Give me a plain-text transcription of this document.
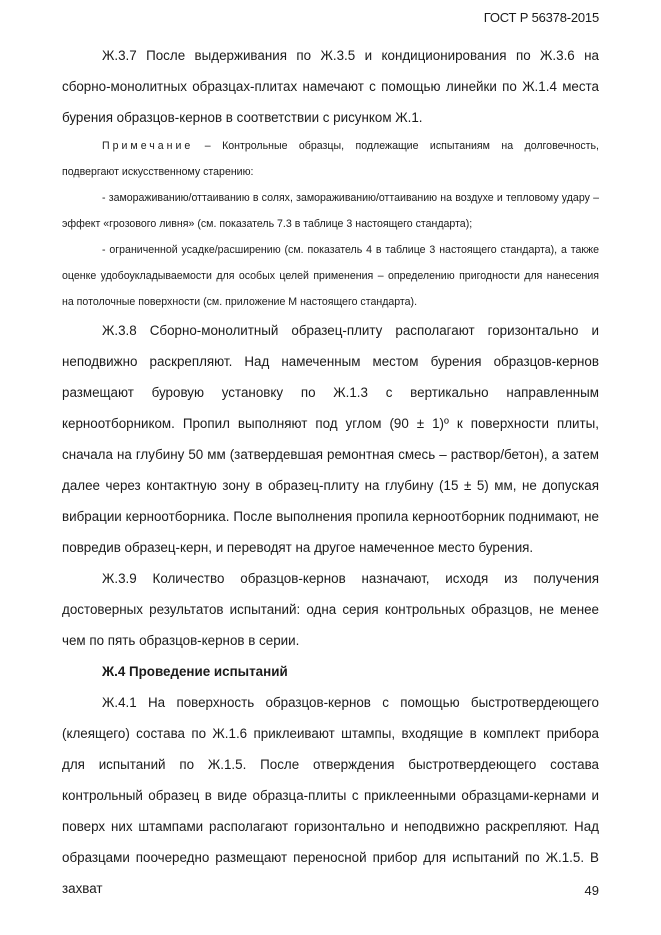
ГОСТ Р 56378-2015

Ж.3.7 После выдерживания по Ж.3.5 и кондиционирования по Ж.3.6 на сборно-монолитных образцах-плитах намечают с помощью линейки по Ж.1.4 места бурения образцов-кернов в соответствии с рисунком Ж.1.

Примечание – Контрольные образцы, подлежащие испытаниям на долговечность, подвергают искусственному старению:

- замораживанию/оттаиванию в солях, замораживанию/оттаиванию на воздухе и тепловому удару – эффект «грозового ливня» (см. показатель 7.3 в таблице 3 настоящего стандарта);

- ограниченной усадке/расширению (см. показатель 4 в таблице 3 настоящего стандарта), а также оценке удобоукладываемости для особых целей применения – определению пригодности для нанесения на потолочные поверхности (см. приложение М настоящего стандарта).

Ж.3.8 Сборно-монолитный образец-плиту располагают горизонтально и неподвижно раскрепляют. Над намеченным местом бурения образцов-кернов размещают буровую установку по Ж.1.3 с вертикально направленным керноотборником. Пропил выполняют под углом (90 ± 1)º к поверхности плиты, сначала на глубину 50 мм (затвердевшая ремонтная смесь – раствор/бетон), а затем далее через контактную зону в образец-плиту на глубину (15 ± 5) мм, не допуская вибрации керноотборника. После выполнения пропила керноотборник поднимают, не повредив образец-керн, и переводят на другое намеченное место бурения.

Ж.3.9 Количество образцов-кернов назначают, исходя из получения достоверных результатов испытаний: одна серия контрольных образцов, не менее чем по пять образцов-кернов в серии.

Ж.4 Проведение испытаний

Ж.4.1 На поверхность образцов-кернов с помощью быстротвердеющего (клеящего) состава по Ж.1.6 приклеивают штампы, входящие в комплект прибора для испытаний по Ж.1.5. После отверждения быстротвердеющего состава контрольный образец в виде образца-плиты с приклеенными образцами-кернами и поверх них штампами располагают горизонтально и неподвижно раскрепляют. Над образцами поочередно размещают переносной прибор для испытаний по Ж.1.5. В захват	49
